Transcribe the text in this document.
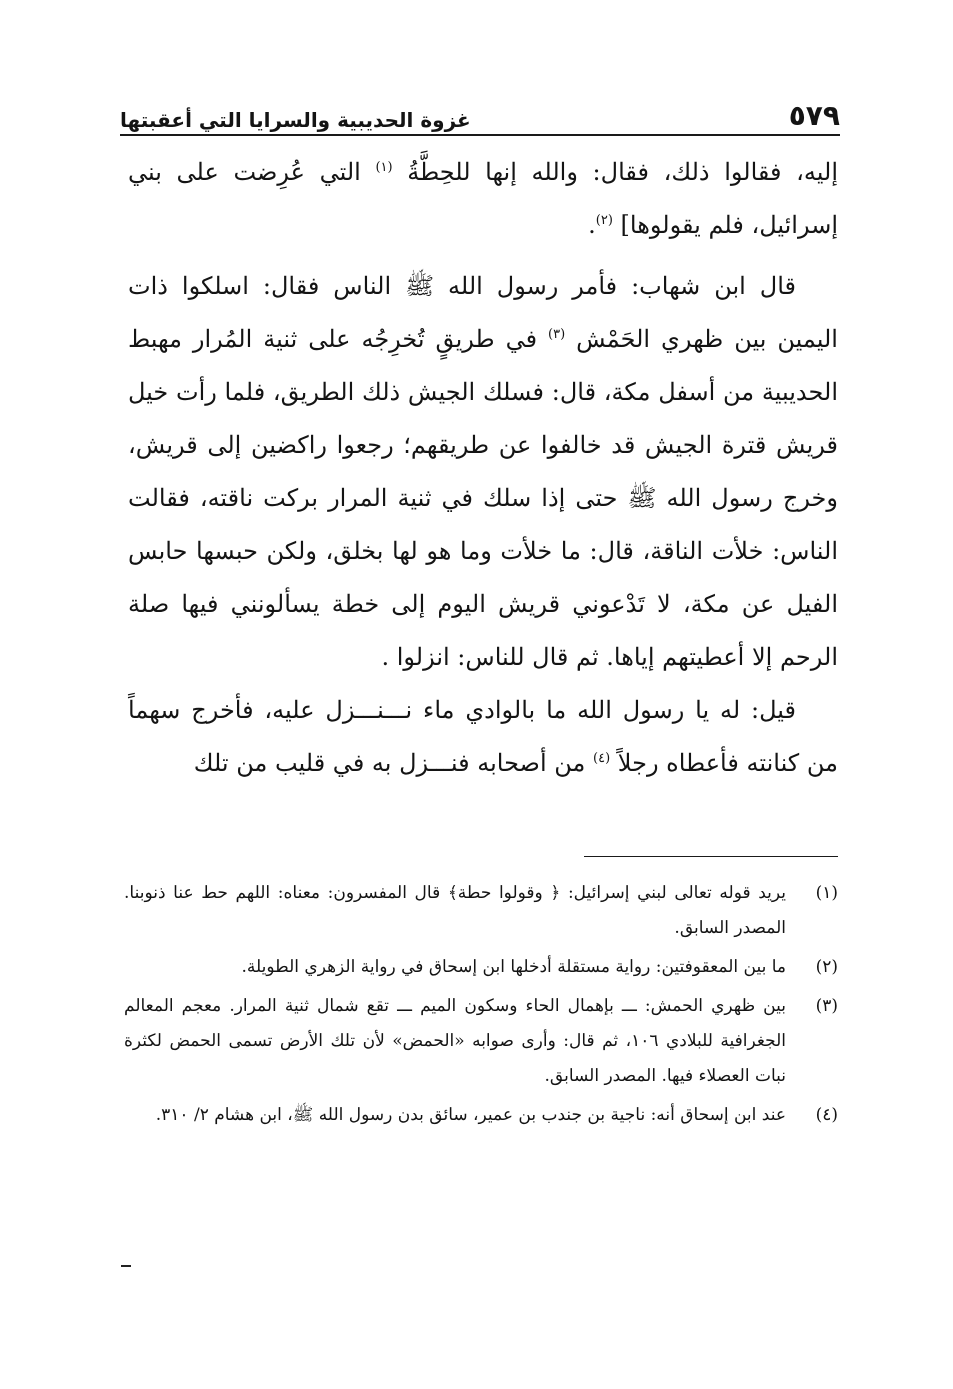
٥٧٩
غزوة الحديبية والسرايا التي أعقبتها

إليه، فقالوا ذلك، فقال: والله إنها للحِطَّةُ $^{(١)}$ التي عُرِضت على بني إسرائيل، فلم يقولوها] $^{(٢)}$.

قال ابن شهاب: فأمر رسول الله ﷺ الناس فقال: اسلكوا ذات اليمين بين ظهري الحَمْش $^{(٣)}$ في طريقٍ تُخرِجُه على ثنية المُرار مهبط الحديبية من أسفل مكة، قال: فسلك الجيش ذلك الطريق، فلما رأت خيل قريش قترة الجيش قد خالفوا عن طريقهم؛ رجعوا راكضين إلى قريش، وخرج رسول الله ﷺ حتى إذا سلك في ثنية المرار بركت ناقته، فقالت الناس: خلأت الناقة، قال: ما خلأت وما هو لها بخلق، ولكن حبسها حابس الفيل عن مكة، لا تَدْعوني قريش اليوم إلى خطة يسألونني فيها صلة الرحم إلا أعطيتهم إياها. ثم قال للناس: انزلوا .

قيل: له يا رسول الله ما بالوادي ماء نـــنـــزل عليه، فأخرج سهماً من كنانته فأعطاه رجلاً $^{(٤)}$ من أصحابه فنـــزل به في قليب من تلك

(١)
يريد قوله تعالى لبني إسرائيل: ﴿ وقولوا حطة﴾ قال المفسرون: معناه: اللهم حط عنا ذنوبنا. المصدر السابق.
(٢)
ما بين المعقوفتين: رواية مستقلة أدخلها ابن إسحاق في رواية الزهري الطويلة.
(٣)
بين ظهري الحمش: ـــ بإهمال الحاء وسكون الميم ـــ تقع شمال ثنية المرار. معجم المعالم الجغرافية للبلادي ١٠٦، ثم قال: وأرى صوابه «الحمض» لأن تلك الأرض تسمى الحمض لكثرة نبات العصلاء فيها. المصدر السابق.
(٤)
عند ابن إسحاق أنه: ناجية بن جندب بن عمير، سائق بدن رسول الله ﷺ، ابن هشام ٢/ ٣١٠.
